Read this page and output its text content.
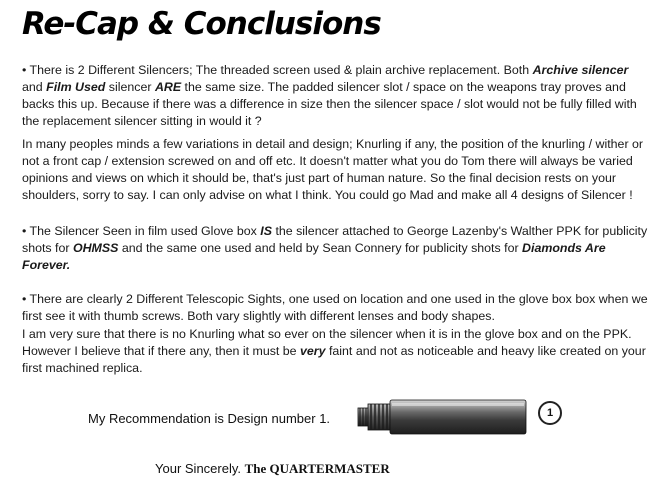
Re-Cap & Conclusions
• There is 2 Different Silencers; The threaded screen used & plain archive replacement. Both Archive silencer and Film Used silencer ARE the same size. The padded silencer slot / space on the weapons tray proves and backs this up. Because if there was a difference in size then the silencer space / slot would not be fully filled with the replacement silencer sitting in would it ?
In many peoples minds a few variations in detail and design; Knurling if any, the position of the knurling / wither or not a front cap / extension screwed on and off etc. It doesn't matter what you do Tom there will always be varied opinions and views on which it should be, that's just part of human nature. So the final decision rests on your shoulders, sorry to say. I can only advise on what I think. You could go Mad and make all 4 designs of Silencer !
• The Silencer Seen in film used Glove box IS the silencer attached to George Lazenby's Walther PPK for publicity shots for OHMSS and the same one used and held by Sean Connery for publicity shots for Diamonds Are Forever.
• There are clearly 2 Different Telescopic Sights, one used on location and one used in the glove box box when we first see it with thumb screws. Both vary slightly with different lenses and body shapes.
I am very sure that there is no Knurling what so ever on the silencer when it is in the glove box and on the PPK. However I believe that if there any, then it must be very faint and not as noticeable and heavy like created on your first machined replica.
My Recommendation is Design number 1.	1
Your Sincerely. The QUARTERMASTER
